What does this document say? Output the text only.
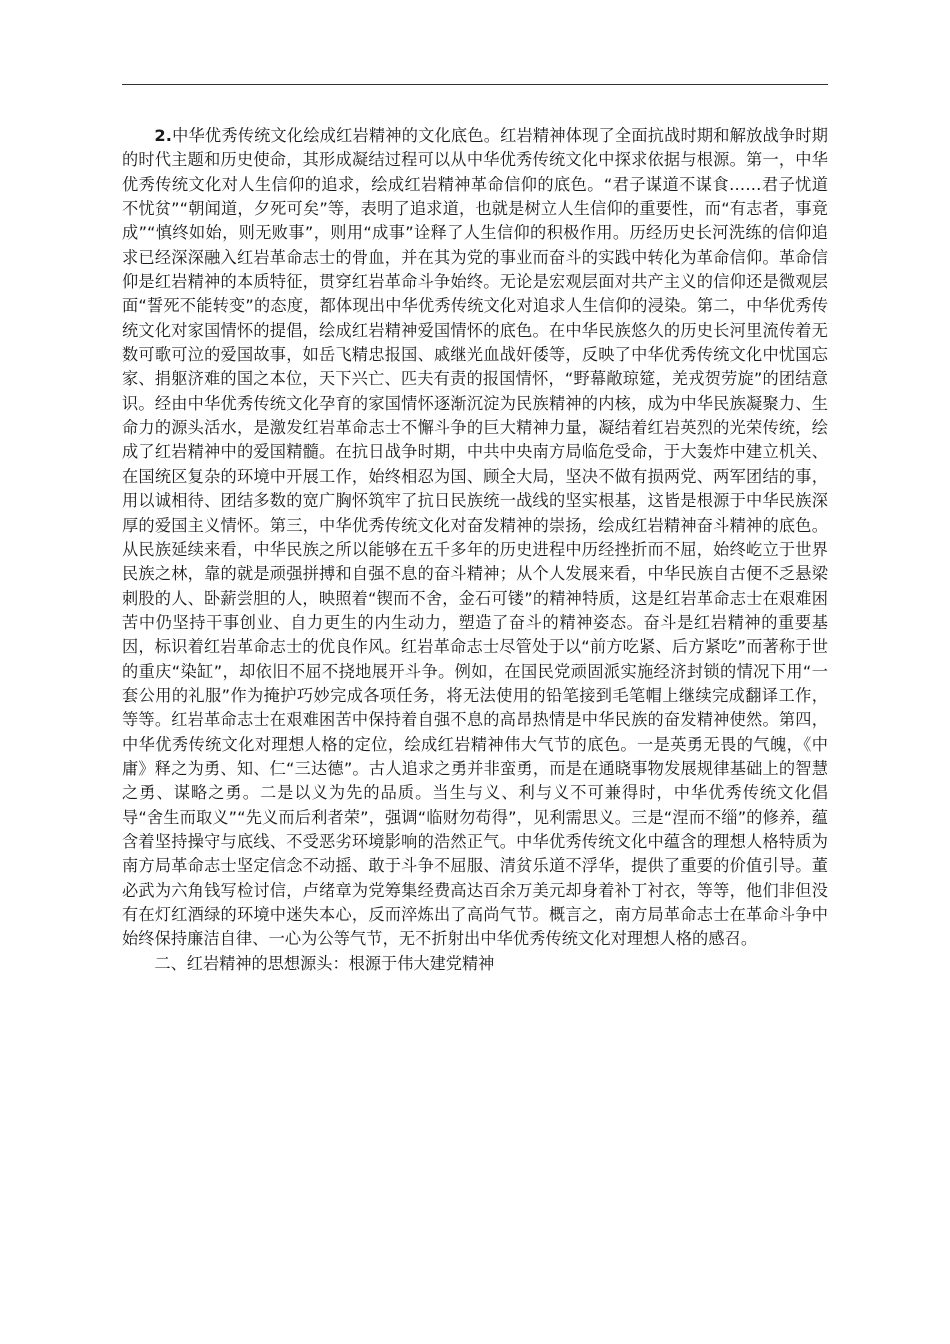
2.中华优秀传统文化绘成红岩精神的文化底色。红岩精神体现了全面抗战时期和解放战争时期的时代主题和历史使命，其形成凝结过程可以从中华优秀传统文化中探求依据与根源。第一，中华优秀传统文化对人生信仰的追求，绘成红岩精神革命信仰的底色。“君子谋道不谋食……君子忧道不忧贫”“朝闻道，夕死可矣”等，表明了追求道，也就是树立人生信仰的重要性，而“有志者，事竟成”“慎终如始，则无败事”，则用“成事”诠释了人生信仰的积极作用。历经历史长河洗练的信仰追求已经深深融入红岩革命志士的骨血，并在其为党的事业而奋斗的实践中转化为革命信仰。革命信仰是红岩精神的本质特征，贯穿红岩革命斗争始终。无论是宏观层面对共产主义的信仰还是微观层面“誓死不能转变”的态度，都体现出中华优秀传统文化对追求人生信仰的浸染。第二，中华优秀传统文化对家国情怀的提倡，绘成红岩精神爱国情怀的底色。在中华民族悠久的历史长河里流传着无数可歌可泣的爱国故事，如岳飞精忠报国、戚继光血战奸倭等，反映了中华优秀传统文化中忧国忘家、捐躯济难的国之本位，天下兴亡、匹夫有责的报国情怀，“野幕敞琼筵，羌戎贺劳旋”的团结意识。经由中华优秀传统文化孕育的家国情怀逐渐沉淀为民族精神的内核，成为中华民族凝聚力、生命力的源头活水，是激发红岩革命志士不懈斗争的巨大精神力量，凝结着红岩英烈的光荣传统，绘成了红岩精神中的爱国精髓。在抗日战争时期，中共中央南方局临危受命，于大轰炸中建立机关、在国统区复杂的环境中开展工作，始终相忍为国、顾全大局，坚决不做有损两党、两军团结的事，用以诚相待、团结多数的宽广胸怀筑牢了抗日民族统一战线的坚实根基，这皆是根源于中华民族深厚的爱国主义情怀。第三，中华优秀传统文化对奋发精神的崇扬，绘成红岩精神奋斗精神的底色。从民族延续来看，中华民族之所以能够在五千多年的历史进程中历经挫折而不屈，始终屹立于世界民族之林，靠的就是顽强拼搏和自强不息的奋斗精神；从个人发展来看，中华民族自古便不乏悬梁刺股的人、卧薪尝胆的人，映照着“锲而不舍，金石可镂”的精神特质，这是红岩革命志士在艰难困苦中仍坚持干事创业、自力更生的内生动力，塑造了奋斗的精神姿态。奋斗是红岩精神的重要基因，标识着红岩革命志士的优良作风。红岩革命志士尽管处于以“前方吃紧、后方紧吃”而著称于世的重庆“染缸”，却依旧不屈不挠地展开斗争。例如，在国民党顽固派实施经济封锁的情况下用“一套公用的礼服”作为掩护巧妙完成各项任务，将无法使用的铅笔接到毛笔帽上继续完成翻译工作，等等。红岩革命志士在艰难困苦中保持着自强不息的高昂热情是中华民族的奋发精神使然。第四，中华优秀传统文化对理想人格的定位，绘成红岩精神伟大气节的底色。一是英勇无畏的气魄，《中庸》释之为勇、知、仁“三达德”。古人追求之勇并非蛮勇，而是在通晓事物发展规律基础上的智慧之勇、谋略之勇。二是以义为先的品质。当生与义、利与义不可兼得时，中华优秀传统文化倡导“舍生而取义”“先义而后利者荣”，强调“临财勿苟得”，见利需思义。三是“涅而不缁”的修养，蕴含着坚持操守与底线、不受恶劣环境影响的浩然正气。中华优秀传统文化中蕴含的理想人格特质为南方局革命志士坚定信念不动摇、敢于斗争不屈服、清贫乐道不浮华，提供了重要的价值引导。董必武为六角钱写检讨信，卢绪章为党筹集经费高达百余万美元却身着补丁衬衣，等等，他们非但没有在灯红酒绿的环境中迷失本心，反而淬炼出了高尚气节。概言之，南方局革命志士在革命斗争中始终保持廉洁自律、一心为公等气节，无不折射出中华优秀传统文化对理想人格的感召。

二、红岩精神的思想源头：根源于伟大建党精神
